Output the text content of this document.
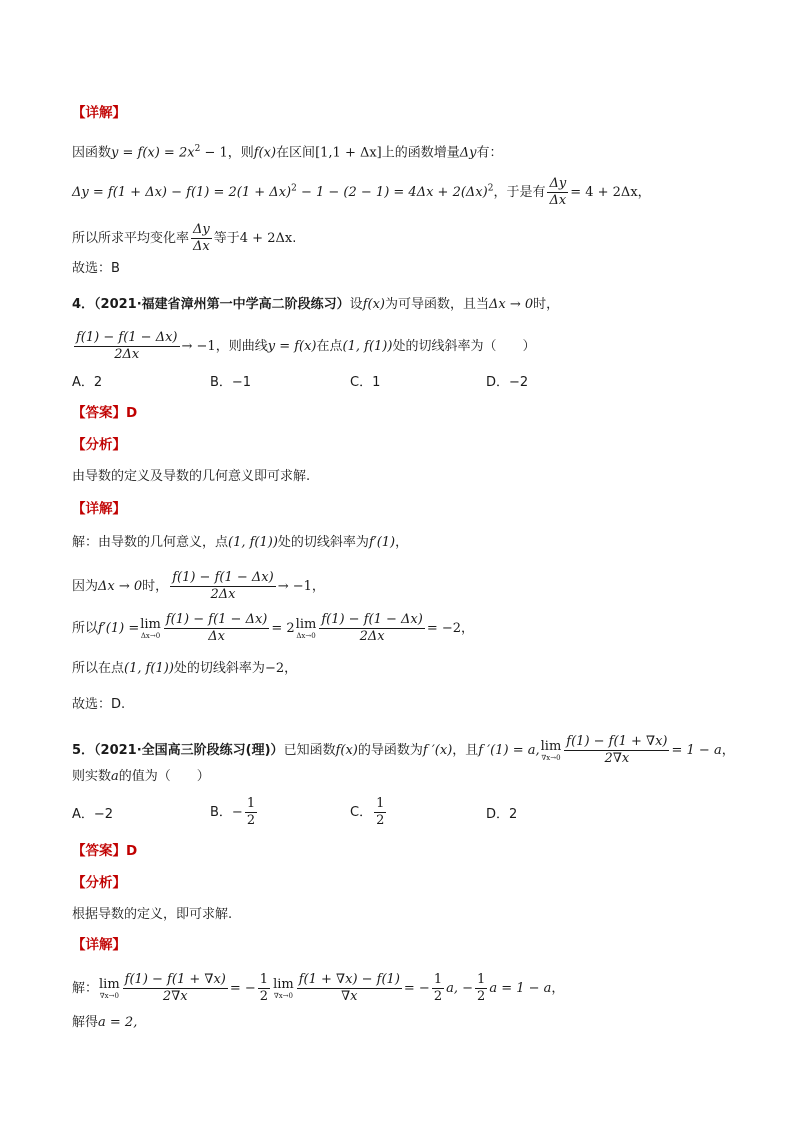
【详解】
因函数$y = f(x) = 2x^2 - 1$，则f(x)在区间[1,1 + Δx]上的函数增量Δy有：
$\Delta y = f(1 + \Delta x) - f(1) = 2(1 + \Delta x)^2 - 1 - (2 - 1) = 4\Delta x + 2(\Delta x)^2$，于是有 $\frac{\Delta y}{\Delta x} = 4 + 2\Delta x$，
所以所求平均变化率 $\frac{\Delta y}{\Delta x}$ 等于4 + 2Δx.
故选：B
4．（2021·福建省漳州第一中学高二阶段练习）设f(x)为可导函数，且当Δx → 0时，
$\frac{f(1) - f(1 - \Delta x)}{2\Delta x} \to -1$，则曲线y = f(x)在点(1, f(1))处的切线斜率为（　　）
A．2	B．−1	C．1	D．−2
【答案】D
【分析】
由导数的定义及导数的几何意义即可求解.
【详解】
解：由导数的几何意义，点(1, f(1))处的切线斜率为f′(1)，
因为Δx → 0时， $\frac{f(1) - f(1 - \Delta x)}{2\Delta x} \to -1$，
所以f′(1) = lim
$\Delta x\to 0 \frac{f(1) - f(1 - \Delta x)}{\Delta x} = 2$ lim
$\Delta x\to 0 \frac{f(1) - f(1 - \Delta x)}{2\Delta x} = -2$，
所以在点(1, f(1))处的切线斜率为−2，
故选：D.
5．（2021·全国高三阶段练习(理)）已知函数f(x)的导函数为f ′(x)，且f ′(1) = a, lim
$\nabla x\to 0 \frac{f(1) - f(1 + \nabla x)}{2\nabla x} = 1 - a$，
则实数a的值为（　　）
A．−2	B．− $\frac{1}{2}$	C． $\frac{1}{2}$	D．2
【答案】D
【分析】
根据导数的定义，即可求解.
【详解】
解： lim
$\nabla x\to 0 \frac{f(1) - f(1 + \nabla x)}{2\nabla x}$ = − $\frac{1}{2}$ lim
$\nabla x\to 0 \frac{f(1 + \nabla x) - f(1)}{\nabla x}$ = − $\frac{1}{2} a$, − $\frac{1}{2}$ a = 1 − a，
解得a = 2,
